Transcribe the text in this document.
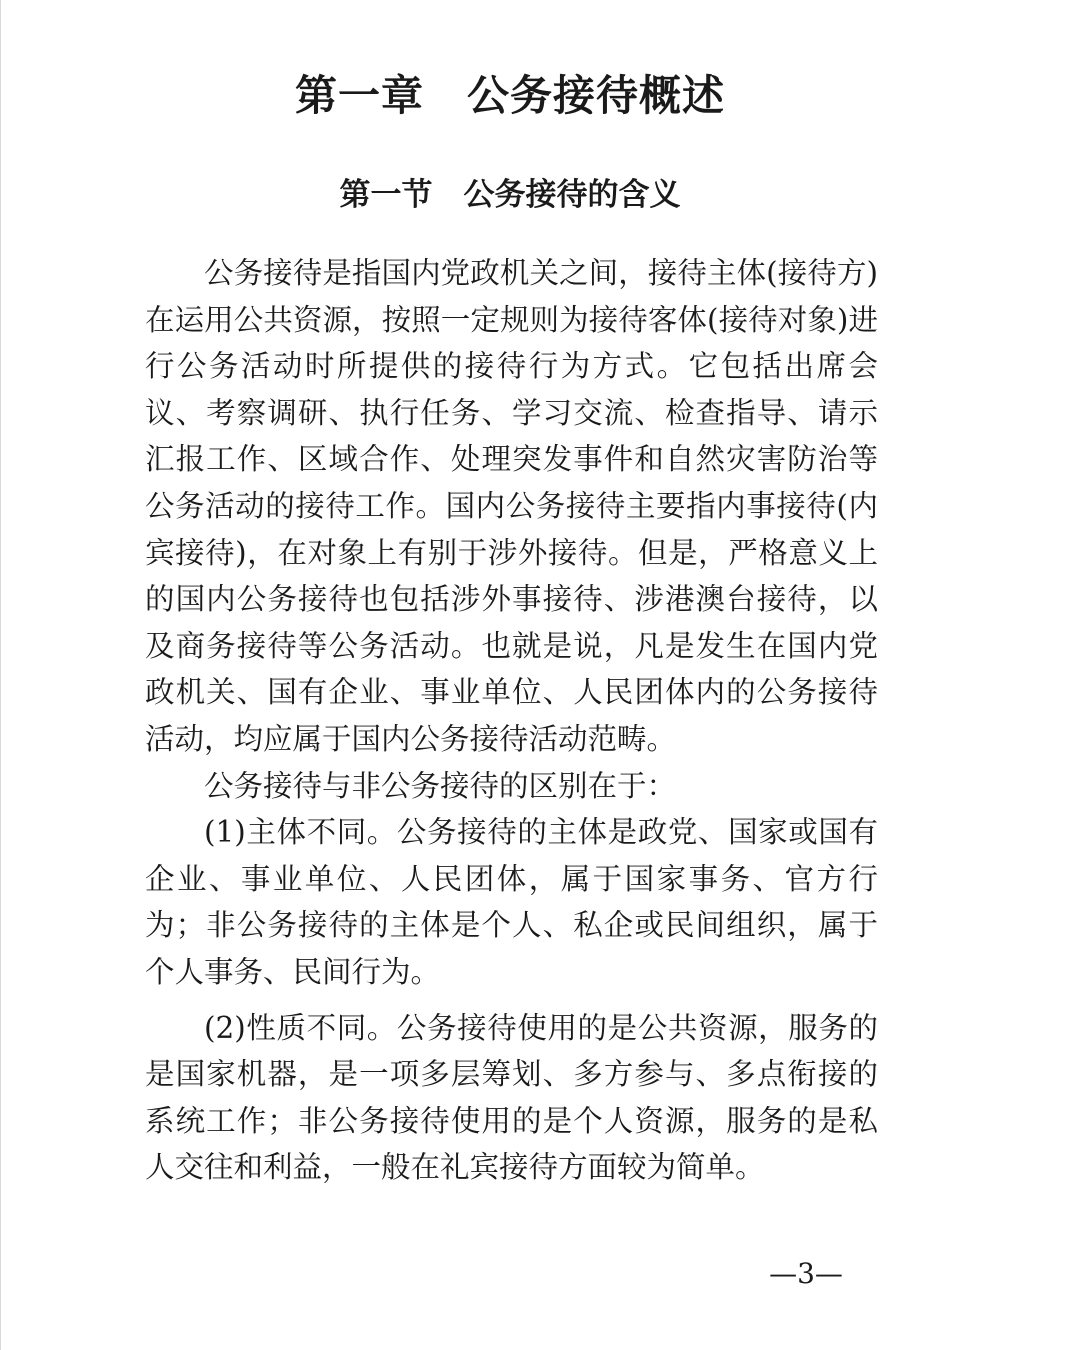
第一章　公务接待概述
第一节　公务接待的含义

公务接待是指国内党政机关之间，接待主体(接待方)在运用公共资源，按照一定规则为接待客体(接待对象)进行公务活动时所提供的接待行为方式。它包括出席会议、考察调研、执行任务、学习交流、检查指导、请示汇报工作、区域合作、处理突发事件和自然灾害防治等公务活动的接待工作。国内公务接待主要指内事接待(内宾接待)，在对象上有别于涉外接待。但是，严格意义上的国内公务接待也包括涉外事接待、涉港澳台接待，以及商务接待等公务活动。也就是说，凡是发生在国内党政机关、国有企业、事业单位、人民团体内的公务接待活动，均应属于国内公务接待活动范畴。

公务接待与非公务接待的区别在于：

(1)主体不同。公务接待的主体是政党、国家或国有企业、事业单位、人民团体，属于国家事务、官方行为；非公务接待的主体是个人、私企或民间组织，属于个人事务、民间行为。

(2)性质不同。公务接待使用的是公共资源，服务的是国家机器，是一项多层筹划、多方参与、多点衔接的系统工作；非公务接待使用的是个人资源，服务的是私人交往和利益，一般在礼宾接待方面较为简单。

—3—
